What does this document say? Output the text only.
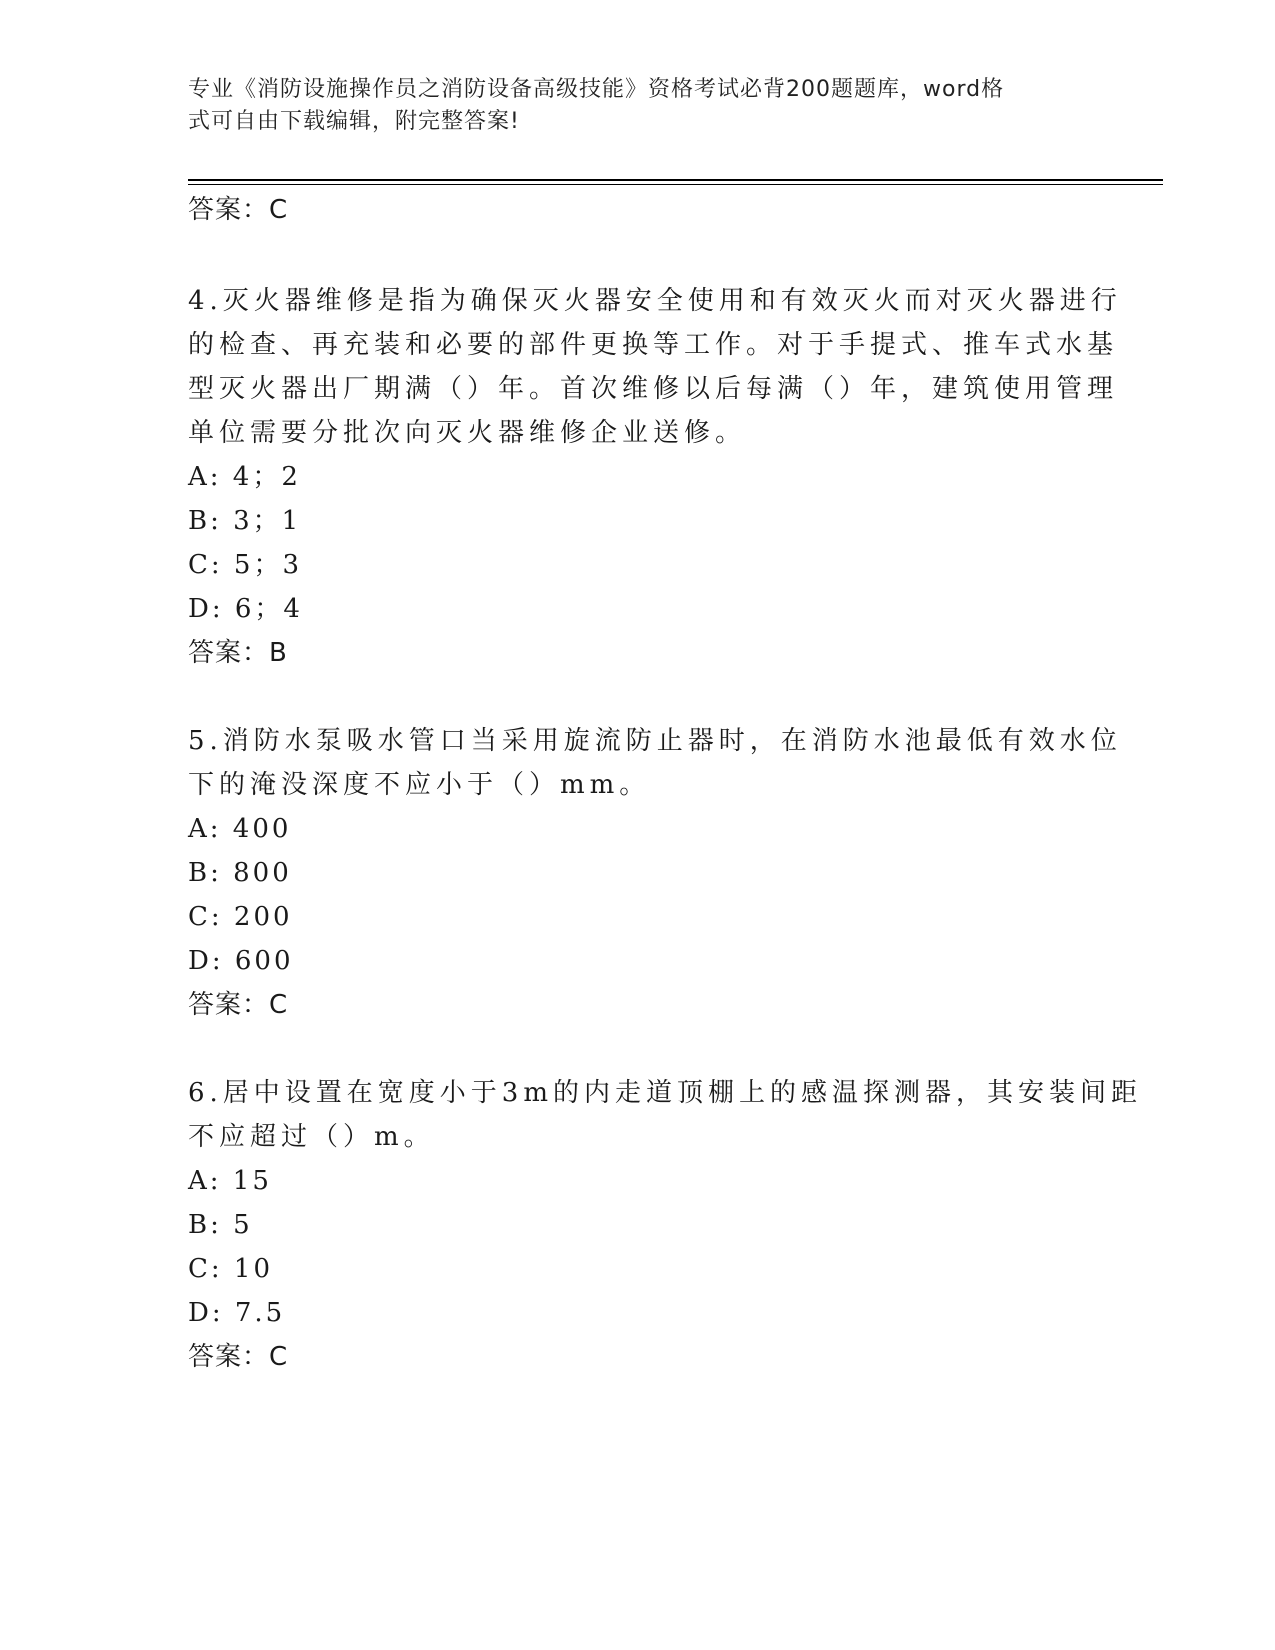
专业《消防设施操作员之消防设备高级技能》资格考试必背200题题库，word格
式可自由下载编辑，附完整答案!
答案：C
4.灭火器维修是指为确保灭火器安全使用和有效灭火而对灭火器进行
的检查、再充装和必要的部件更换等工作。对于手提式、推车式水基
型灭火器出厂期满（）年。首次维修以后每满（）年，建筑使用管理
单位需要分批次向灭火器维修企业送修。
A: 4；2
B: 3；1
C: 5；3
D: 6；4
答案：B
5.消防水泵吸水管口当采用旋流防止器时，在消防水池最低有效水位
下的淹没深度不应小于（）mm。
A: 400
B: 800
C: 200
D: 600
答案：C
6.居中设置在宽度小于3m的内走道顶棚上的感温探测器，其安装间距
不应超过（）m。
A: 15
B: 5
C: 10
D: 7.5
答案：C
